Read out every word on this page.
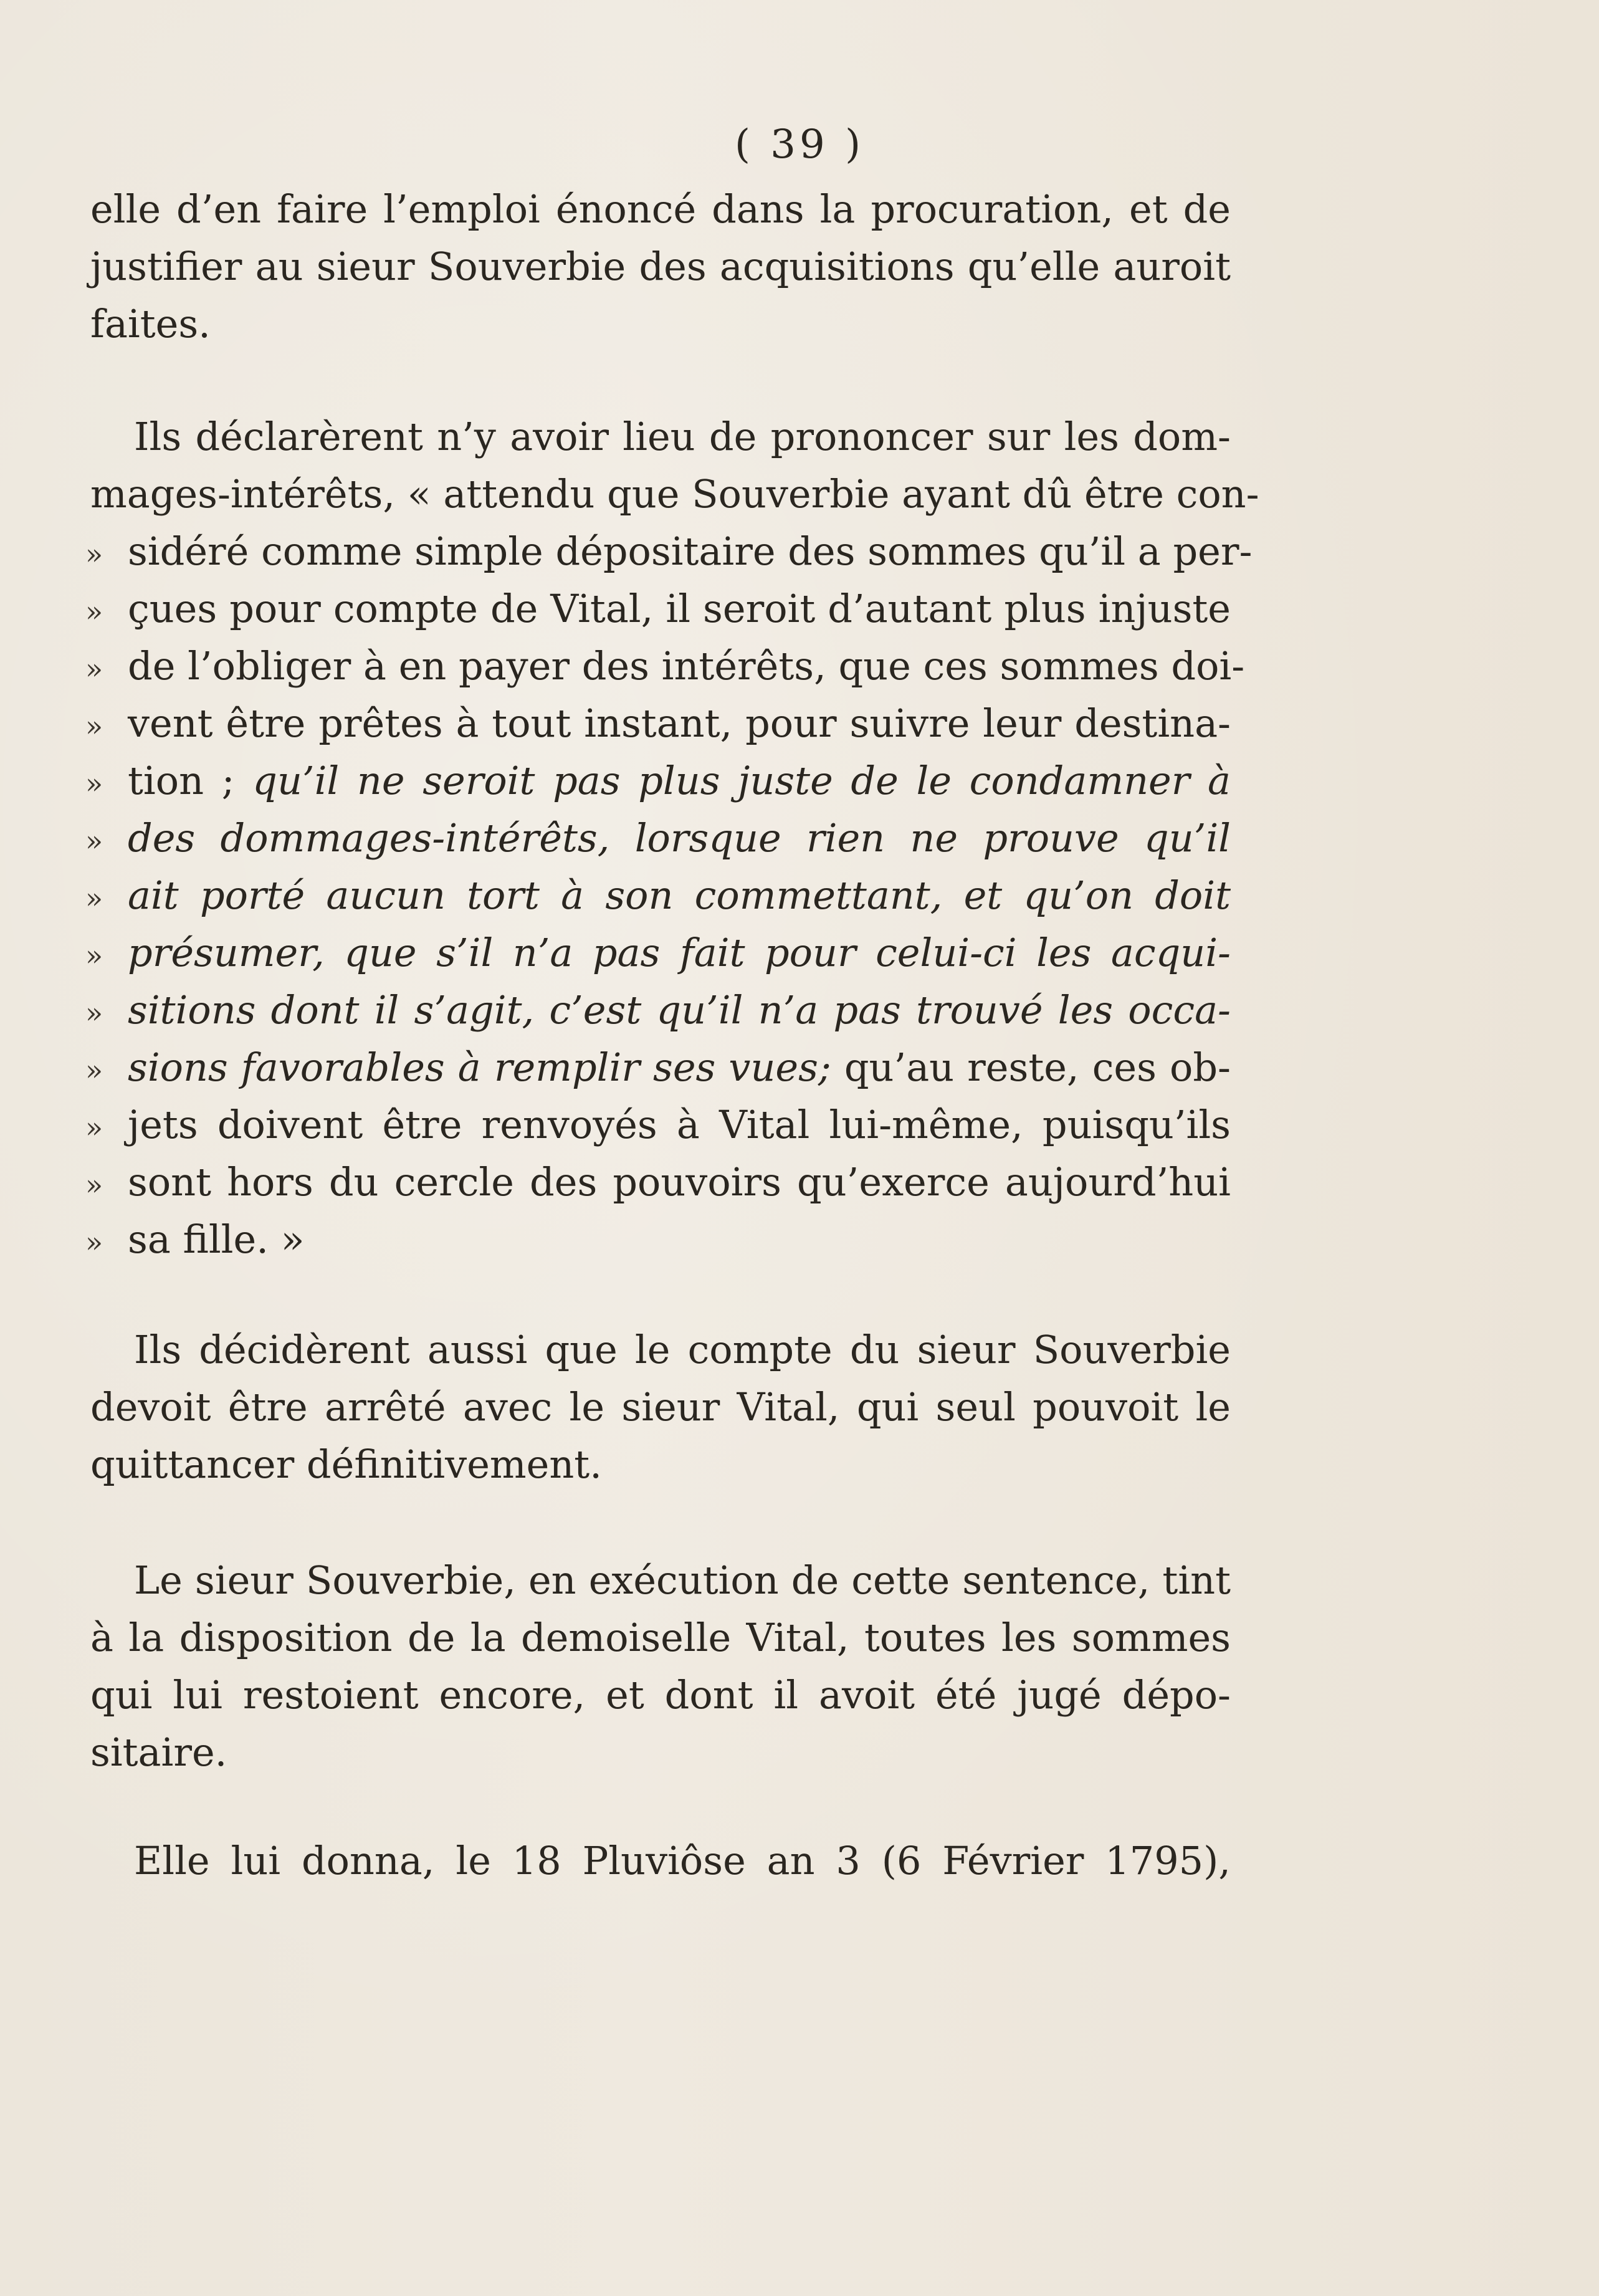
( 39 )
elle d’en faire l’emploi énoncé dans la procuration, et de
justifier au sieur Souverbie des acquisitions qu’elle auroit
faites.
Ils déclarèrent n’y avoir lieu de prononcer sur les dom-
mages-intérêts, « attendu que Souverbie ayant dû être con-
» sidéré comme simple dépositaire des sommes qu’il a per-
» çues pour compte de Vital, il seroit d’autant plus injuste
» de l’obliger à en payer des intérêts, que ces sommes doi-
» vent être prêtes à tout instant, pour suivre leur destina-
» tion ; qu’il ne seroit pas plus juste de le condamner à
» des dommages-intérêts, lorsque rien ne prouve qu’il
» ait porté aucun tort à son commettant, et qu’on doit
» présumer, que s’il n’a pas fait pour celui-ci les acqui-
» sitions dont il s’agit, c’est qu’il n’a pas trouvé les occa-
» sions favorables à remplir ses vues; qu’au reste, ces ob-
» jets doivent être renvoyés à Vital lui-même, puisqu’ils
» sont hors du cercle des pouvoirs qu’exerce aujourd’hui
» sa fille. »
Ils décidèrent aussi que le compte du sieur Souverbie
devoit être arrêté avec le sieur Vital, qui seul pouvoit le
quittancer définitivement.
Le sieur Souverbie, en exécution de cette sentence, tint
à la disposition de la demoiselle Vital, toutes les sommes
qui lui restoient encore, et dont il avoit été jugé dépo-
sitaire.
Elle lui donna, le 18 Pluviôse an 3 (6 Février 1795),
